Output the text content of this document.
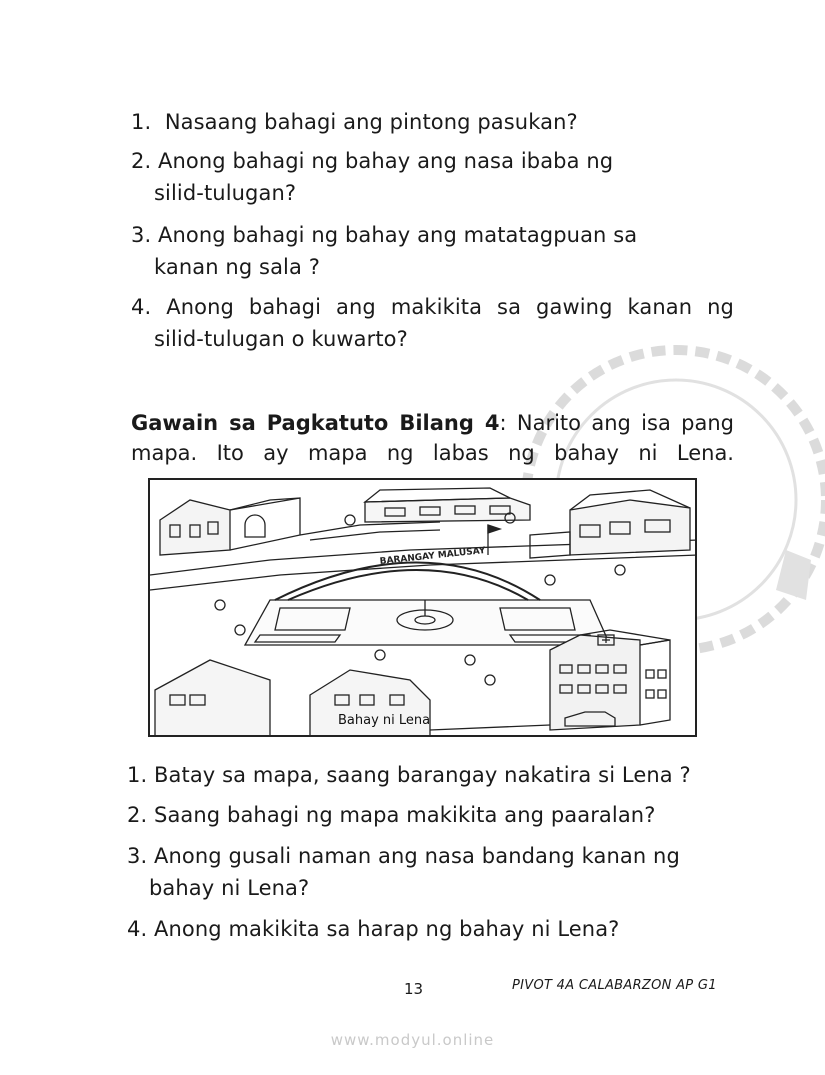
1. Nasaang bahagi ang pintong pasukan?
2. Anong bahagi ng bahay ang nasa ibaba ng
silid-tulugan?
3. Anong bahagi ng bahay ang matatagpuan sa
kanan ng sala ?
4. Anong bahagi ang makikita sa gawing kanan ng
silid-tulugan o kuwarto?
Gawain sa Pagkatuto Bilang 4: Narito ang isa pang mapa. Ito ay mapa ng labas ng bahay ni Lena.
BARANGAY MALUSAY
Bahay ni Lena
1. Batay sa mapa, saang barangay nakatira si Lena ?
2. Saang bahagi ng mapa makikita ang paaralan?
3. Anong gusali naman ang nasa bandang kanan ng
bahay ni Lena?
4. Anong makikita sa harap ng bahay ni Lena?
13	PIVOT 4A CALABARZON AP G1
www.modyul.online
